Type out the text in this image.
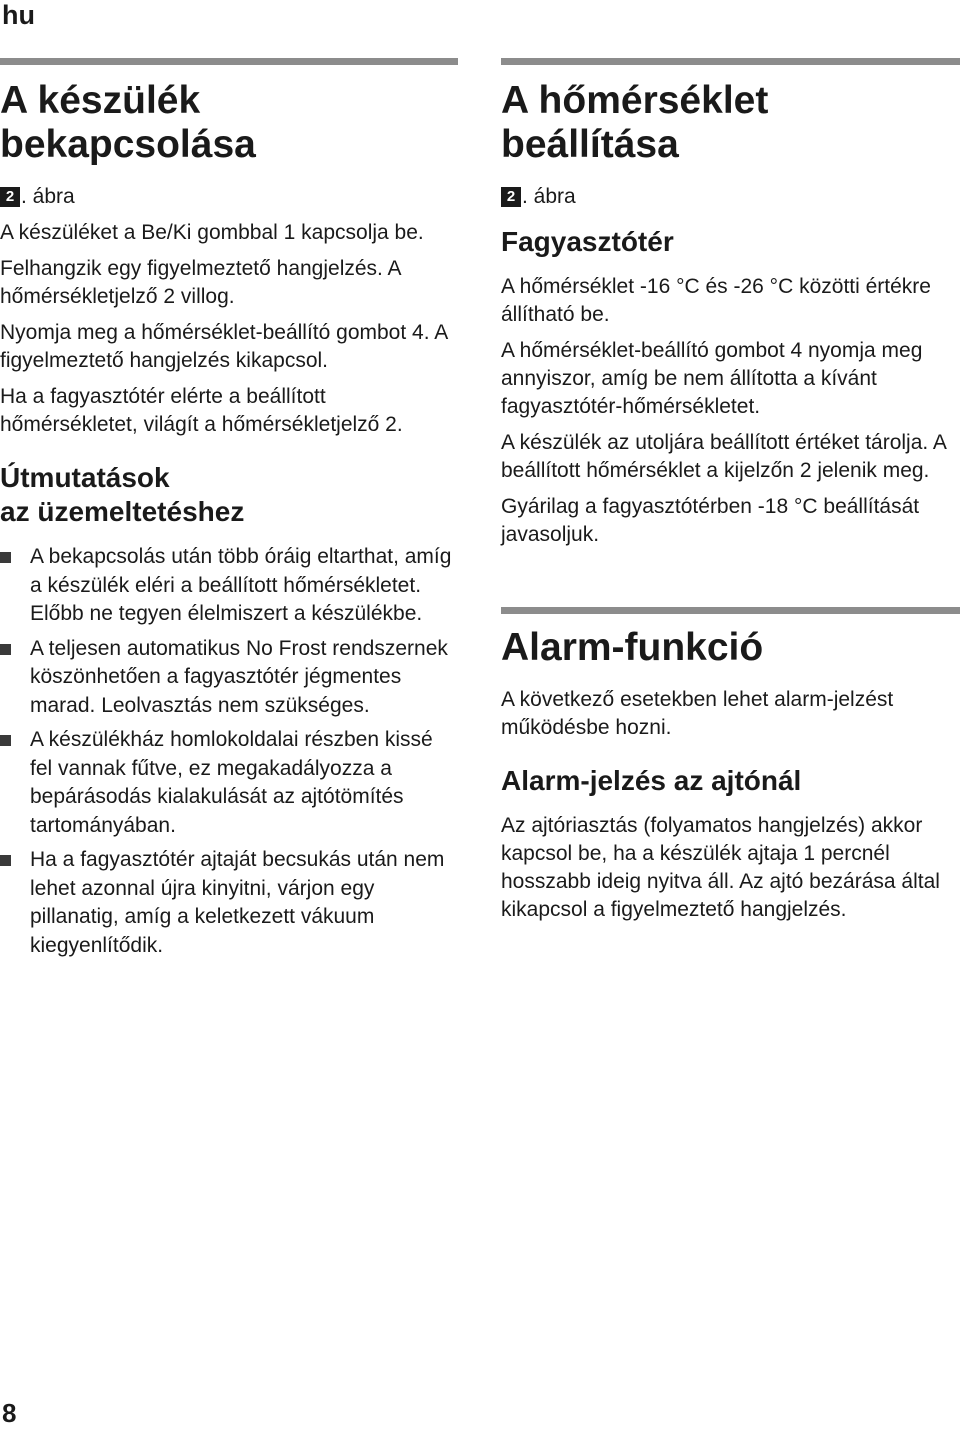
hu
A készülék
bekapcsolása

2 . ábra

A készüléket a Be/Ki gombbal 1 kapcsolja be.

Felhangzik egy figyelmeztető hangjelzés. A hőmérsékletjelző 2 villog.

Nyomja meg a hőmérséklet-beállító gombot 4. A figyelmeztető hangjelzés kikapcsol.

Ha a fagyasztótér elérte a beállított hőmérsékletet, világít a hőmérsékletjelző 2.

Útmutatások
az üzemeltetéshez
A bekapcsolás után több óráig eltarthat, amíg a készülék eléri a beállított hőmérsékletet. Előbb ne tegyen élelmiszert a készülékbe.
A teljesen automatikus No Frost rendszernek köszönhetően a fagyasztótér jégmentes marad. Leolvasztás nem szükséges.
A készülékház homlokoldalai részben kissé fel vannak fűtve, ez megakadályozza a bepárásodás kialakulását az ajtótömítés tartományában.
Ha a fagyasztótér ajtaját becsukás után nem lehet azonnal újra kinyitni, várjon egy pillanatig, amíg a keletkezett vákuum kiegyenlítődik.
A hőmérséklet
beállítása

2 . ábra

Fagyasztótér

A hőmérséklet -16 °C és -26 °C közötti értékre állítható be.

A hőmérséklet-beállító gombot 4 nyomja meg annyiszor, amíg be nem állította a kívánt fagyasztótér-hőmérsékletet.

A készülék az utoljára beállított értéket tárolja. A beállított hőmérséklet a kijelzőn 2 jelenik meg.

Gyárilag a fagyasztótérben -18 °C beállítását javasoljuk.

Alarm-funkció

A következő esetekben lehet alarm-jelzést működésbe hozni.

Alarm-jelzés az ajtónál

Az ajtóriasztás (folyamatos hangjelzés) akkor kapcsol be, ha a készülék ajtaja 1 percnél hosszabb ideig nyitva áll. Az ajtó bezárása által kikapcsol a figyelmeztető hangjelzés.

8
